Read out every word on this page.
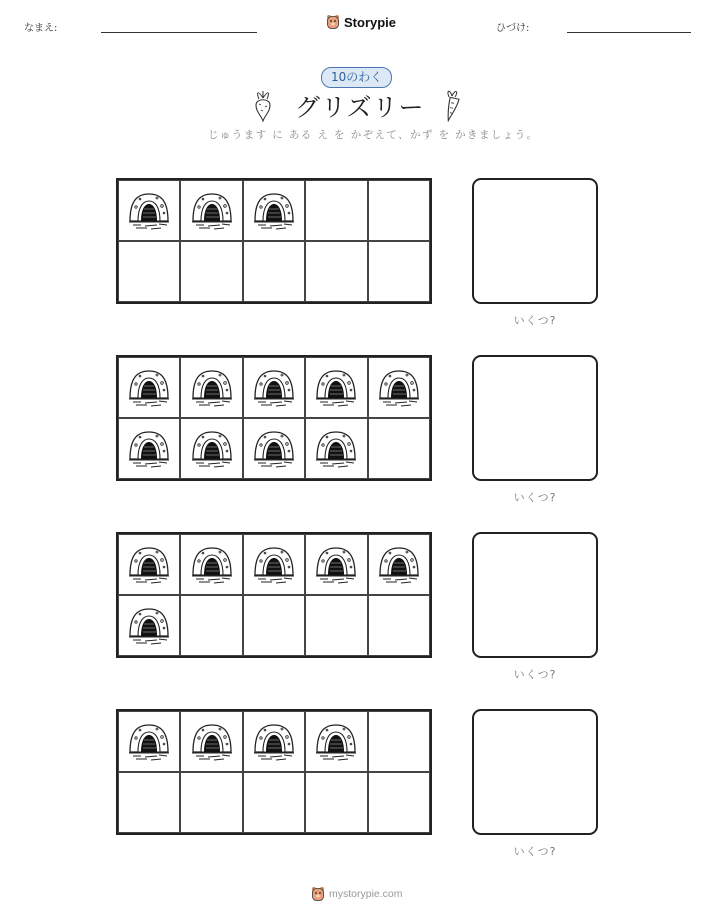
なまえ:	Storypie	ひづけ:
10のわく
グリズリー
じゅうます に ある え を かぞえて、かず を かきましょう。
いくつ?
いくつ?
いくつ?
いくつ?
mystorypie.com
